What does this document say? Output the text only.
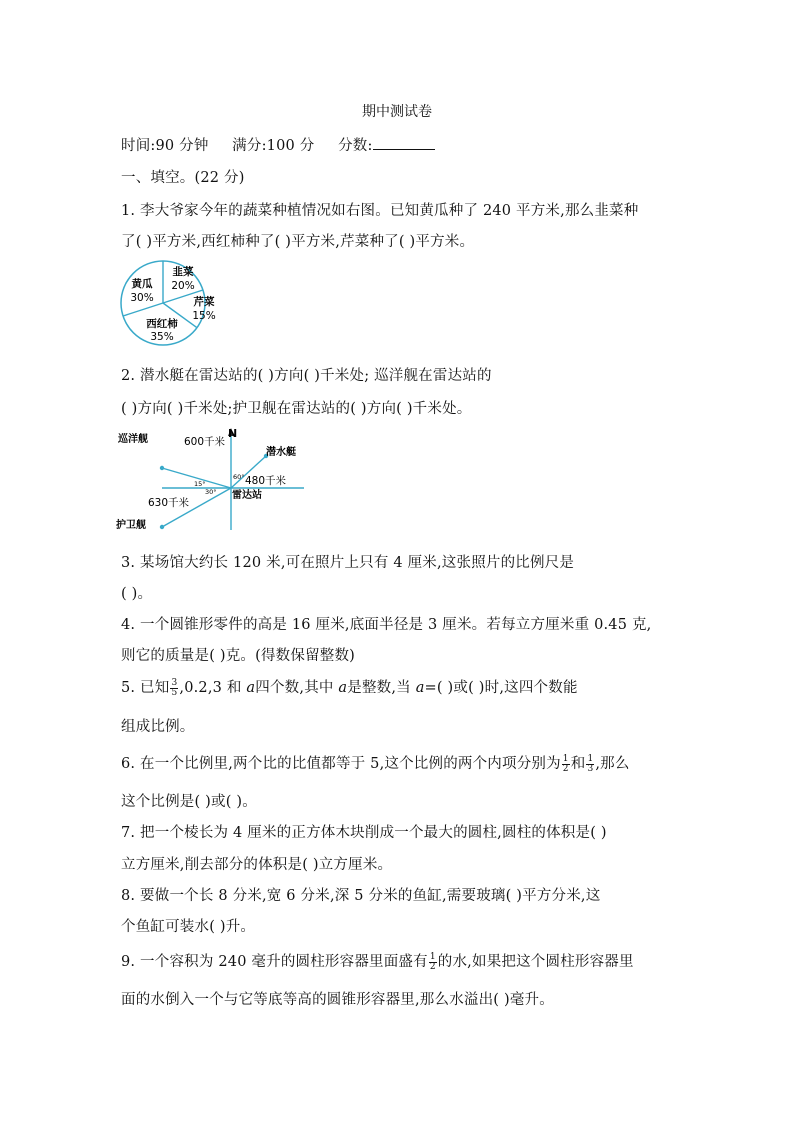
期中测试卷
时间:90 分钟 满分:100 分 分数:
一、填空。(22 分)
1. 李大爷家今年的蔬菜种植情况如右图。已知黄瓜种了 240 平方米,那么韭菜种
了( )平方米,西红柿种了( )平方米,芹菜种了( )平方米。
黄瓜
30%
韭菜
20%
芹菜
15%
西红柿
35%
2. 潜水艇在雷达站的( )方向( )千米处; 巡洋舰在雷达站的
( )方向( )千米处;护卫舰在雷达站的( )方向( )千米处。
N
潜水艇
巡洋舰
护卫舰
雷达站
600千米
480千米
630千米
15°
30°
60°
3. 某场馆大约长 120 米,可在照片上只有 4 厘米,这张照片的比例尺是
( )。
4. 一个圆锥形零件的高是 16 厘米,底面半径是 3 厘米。若每立方厘米重 0.45 克,
则它的质量是( )克。(得数保留整数)
5. 已知 $\frac{3}{5} ,0.2,3$ 和 a四个数,其中 a是整数,当 a=( )或( )时,这四个数能
组成比例。
6. 在一个比例里,两个比的比值都等于 5,这个比例的两个内项分别为 $\frac{1}{2}$ 和 $\frac{1}{3}$ ,那么
这个比例是( )或( )。
7. 把一个棱长为 4 厘米的正方体木块削成一个最大的圆柱,圆柱的体积是( )
立方厘米,削去部分的体积是( )立方厘米。
8. 要做一个长 8 分米,宽 6 分米,深 5 分米的鱼缸,需要玻璃( )平方分米,这
个鱼缸可装水( )升。
9. 一个容积为 240 毫升的圆柱形容器里面盛有 $\frac{1}{2}$ 的水,如果把这个圆柱形容器里
面的水倒入一个与它等底等高的圆锥形容器里,那么水溢出( )毫升。
